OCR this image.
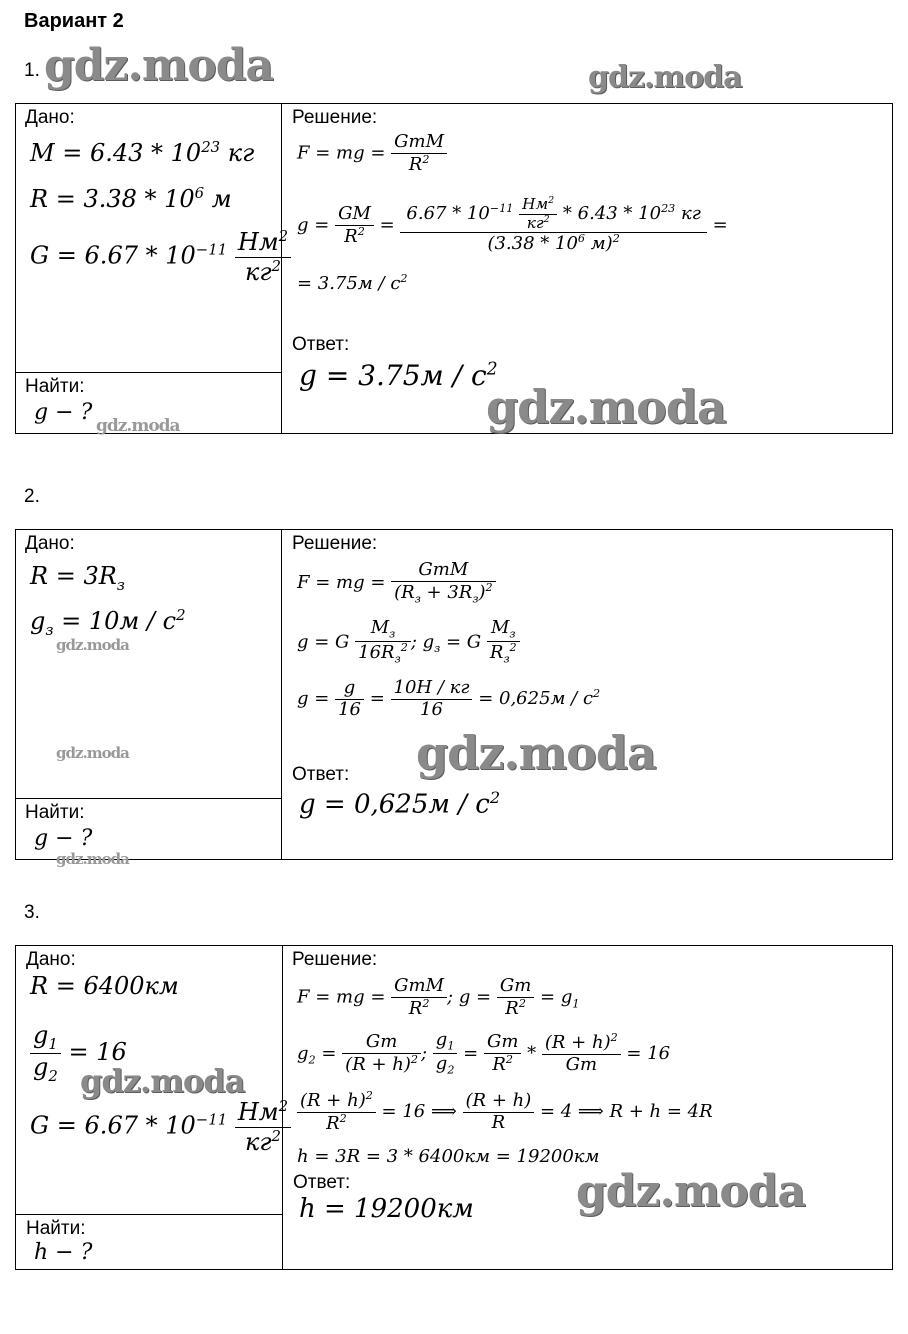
Вариант 2
1. gdz.moda	gdz.moda
Дано:
$M = 6.43 * 10^{23}$ кг
$R = 3.38 * 10^6$ м
$G = 6.67 * 10^{-11} \frac{Нм^2}{кг^2}$
Найти:
g − ?
gdz.moda
Решение:
F = mg = $\frac{\text{GmM}}{R^2}$
$g = \frac{GM}{R^2} = \frac{6.67 * 10^{-11} \frac{Нм^2}{кг^2} * 6.43 * 10^{23} кг}{(3.38 * 10^6 м)^2}$ =
= $3.75м / с^2$
Ответ:
$g = 3.75м / с^2$
gdz.moda
2.
Дано:
$R = 3R_з$
$g_з = 10м / с^2$
gdz.moda
gdz.moda
Найти:
g − ?
gdz.moda
Решение:
F = mg = $\frac{\text{GmM}}{(R_з + 3R_з)^2}$
g = G $\frac{M_з}{16R_з^2}$ ; $g_з = G \frac{M_з}{R_з^2}$
$g = \frac{g}{16} = \frac{10Н / кг}{16} = 0,625м / с^2$
Ответ:
$g = 0,625м / с^2$
gdz.moda
3.
Дано:
R = 6400км
$\frac{g_1}{g_2} = 16$
$G = 6.67 * 10^{-11} \frac{Нм^2}{кг^2}$
gdz.moda
Найти:
h − ?
Решение:
F = mg = $\frac{\text{GmM}}{R^2}$ ; $g = \frac{Gm}{R^2} = g_1$
$g_2 = \frac{Gm}{(R + h)^2}$ ; $\frac{g_1}{g_2} = \frac{Gm}{R^2} * \frac{(R + h)^2}{Gm} = 16$
$\frac{(R + h)^2}{R^2} = 16$ ⟹ $\frac{(R + h)}{R} = 4$ ⟹ R + h = 4R
h = 3R = 3 * 6400км = 19200км
Ответ:
h = 19200км gdz.moda
